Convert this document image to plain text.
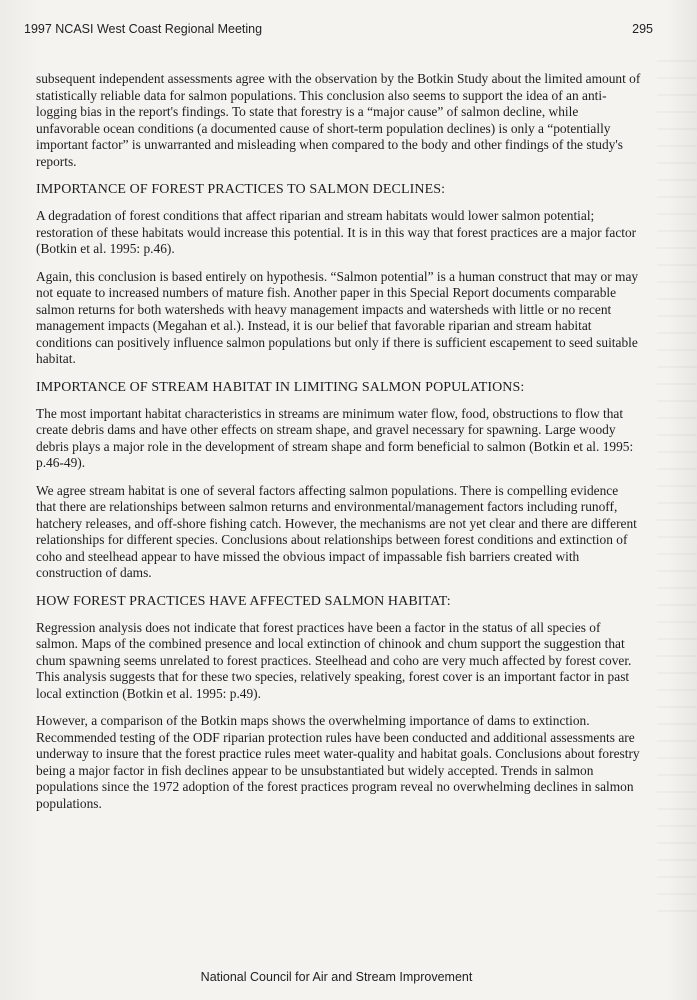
1997 NCASI West Coast Regional Meeting	295

subsequent independent assessments agree with the observation by the Botkin Study about the limited amount of statistically reliable data for salmon populations. This conclusion also seems to support the idea of an anti-logging bias in the report's findings. To state that forestry is a “major cause” of salmon decline, while unfavorable ocean conditions (a documented cause of short-term population declines) is only a “potentially important factor” is unwarranted and misleading when compared to the body and other findings of the study's reports.

IMPORTANCE OF FOREST PRACTICES TO SALMON DECLINES:

A degradation of forest conditions that affect riparian and stream habitats would lower salmon potential; restoration of these habitats would increase this potential. It is in this way that forest practices are a major factor (Botkin et al. 1995: p.46).

Again, this conclusion is based entirely on hypothesis. “Salmon potential” is a human construct that may or may not equate to increased numbers of mature fish. Another paper in this Special Report documents comparable salmon returns for both watersheds with heavy management impacts and watersheds with little or no recent management impacts (Megahan et al.). Instead, it is our belief that favorable riparian and stream habitat conditions can positively influence salmon populations but only if there is sufficient escapement to seed suitable habitat.

IMPORTANCE OF STREAM HABITAT IN LIMITING SALMON POPULATIONS:

The most important habitat characteristics in streams are minimum water flow, food, obstructions to flow that create debris dams and have other effects on stream shape, and gravel necessary for spawning. Large woody debris plays a major role in the development of stream shape and form beneficial to salmon (Botkin et al. 1995: p.46-49).

We agree stream habitat is one of several factors affecting salmon populations. There is compelling evidence that there are relationships between salmon returns and environmental/management factors including runoff, hatchery releases, and off-shore fishing catch. However, the mechanisms are not yet clear and there are different relationships for different species. Conclusions about relationships between forest conditions and extinction of coho and steelhead appear to have missed the obvious impact of impassable fish barriers created with construction of dams.

HOW FOREST PRACTICES HAVE AFFECTED SALMON HABITAT:

Regression analysis does not indicate that forest practices have been a factor in the status of all species of salmon. Maps of the combined presence and local extinction of chinook and chum support the suggestion that chum spawning seems unrelated to forest practices. Steelhead and coho are very much affected by forest cover. This analysis suggests that for these two species, relatively speaking, forest cover is an important factor in past local extinction (Botkin et al. 1995: p.49).

However, a comparison of the Botkin maps shows the overwhelming importance of dams to extinction. Recommended testing of the ODF riparian protection rules have been conducted and additional assessments are underway to insure that the forest practice rules meet water-quality and habitat goals. Conclusions about forestry being a major factor in fish declines appear to be unsubstantiated but widely accepted. Trends in salmon populations since the 1972 adoption of the forest practices program reveal no overwhelming declines in salmon populations.

National Council for Air and Stream Improvement
